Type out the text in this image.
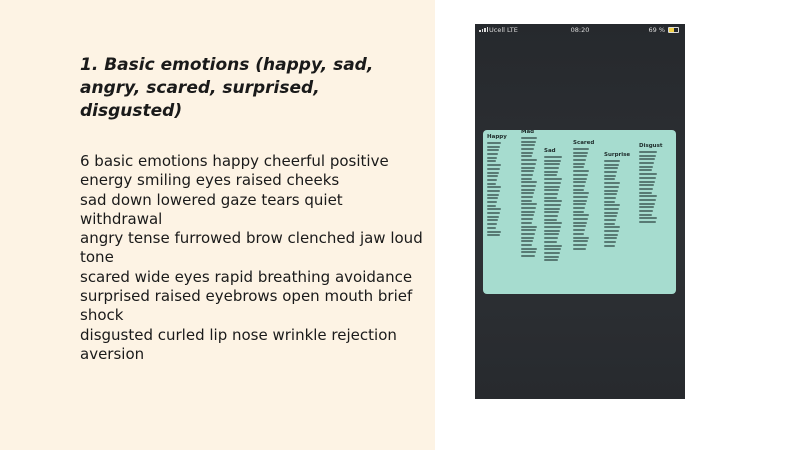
1. Basic emotions (happy, sad, angry, scared, surprised, disgusted)
6 basic emotions happy cheerful positive energy smiling eyes raised cheeks
sad down lowered gaze tears quiet withdrawal
angry tense furrowed brow clenched jaw loud tone
scared wide eyes rapid breathing avoidance
surprised raised eyebrows open mouth brief shock
disgusted curled lip nose wrinkle rejection aversion
Ucell LTE	08:20	69 %
Happy
Mad
Sad
Scared
Surprise
Disgust
